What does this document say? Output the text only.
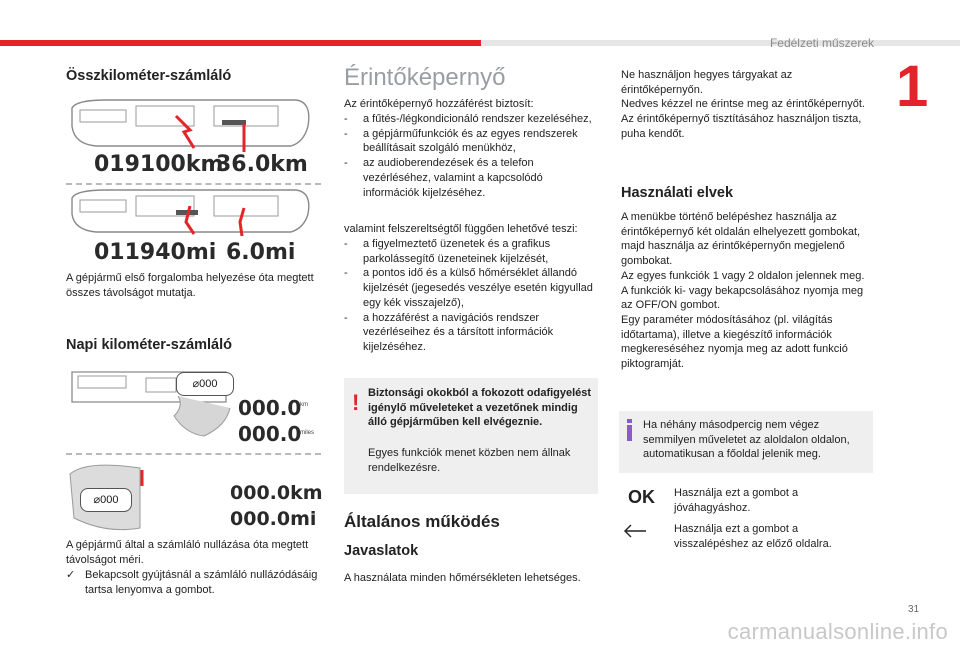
Fedélzeti műszerek
1
Összkilométer-számláló
019100km
36.0km
011940mi 6.0mi
A gépjármű első forgalomba helyezése óta megtett összes távolságot mutatja.
Napi kilométer-számláló
⌀000
000.0
km
000.0
miles
⌀000	000.0km
000.0mi
A gépjármű által a számláló nullázása óta megtett távolságot méri.
✓ Bekapcsolt gyújtásnál a számláló nullázódásáig tartsa lenyomva a gombot.
Érintőképernyő
Az érintőképernyő hozzáférést biztosít:
- a fűtés-/légkondicionáló rendszer kezeléséhez,
- a gépjárműfunkciók és az egyes rendszerek beállításait szolgáló menükhöz,
- az audioberendezések és a telefon vezérléséhez, valamint a kapcsolódó információk kijelzéséhez.
valamint felszereltségtől függően lehetővé teszi:
- a figyelmeztető üzenetek és a grafikus parkolássegítő üzeneteinek kijelzését,
- a pontos idő és a külső hőmérséklet állandó kijelzését (jegesedés veszélye esetén kigyullad egy kék visszajelző),
- a hozzáférést a navigációs rendszer vezérléseihez és a társított információk kijelzéséhez.
! Biztonsági okokból a fokozott odafigyelést igénylő műveleteket a vezetőnek mindig álló gépjárműben kell elvégeznie.
Egyes funkciók menet közben nem állnak rendelkezésre.
Általános működés
Javaslatok
A használata minden hőmérsékleten lehetséges.
Ne használjon hegyes tárgyakat az érintőképernyőn.
Nedves kézzel ne érintse meg az érintőképernyőt.
Az érintőképernyő tisztításához használjon tiszta, puha kendőt.
Használati elvek
A menükbe történő belépéshez használja az érintőképernyő két oldalán elhelyezett gombokat, majd használja az érintőképernyőn megjelenő gombokat.
Az egyes funkciók 1 vagy 2 oldalon jelennek meg.
A funkciók ki- vagy bekapcsolásához nyomja meg az OFF/ON gombot.
Egy paraméter módosításához (pl. világítás időtartama), illetve a kiegészítő információk megkereséséhez nyomja meg az adott funkció piktogramját.
Ha néhány másodpercig nem végez semmilyen műveletet az aloldalon oldalon, automatikusan a főoldal jelenik meg.
OK Használja ezt a gombot a jóváhagyáshoz.
Használja ezt a gombot a visszalépéshez az előző oldalra.
31
carmanualsonline.info
